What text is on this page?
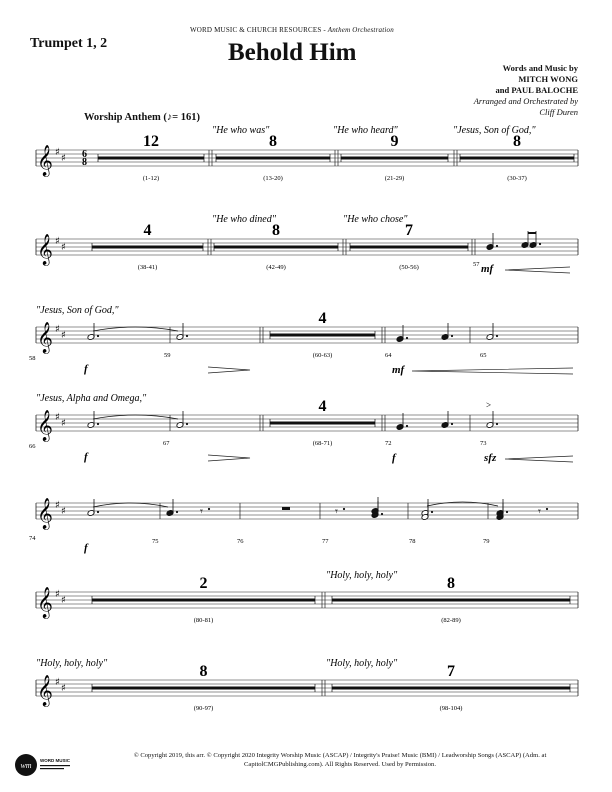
WORD MUSIC & CHURCH RESOURCES - Anthem Orchestration
Trumpet 1, 2	Behold Him
Words and Music by
MITCH WONG
and PAUL BALOCHE
Arranged and Orchestrated by
Cliff Duren
Worship Anthem (♪= 161)
𝄞 ♯
♯
𝄞 ♯
♯
𝄞 ♯
♯
𝄞 ♯
♯
𝄞 ♯
♯
𝄞 ♯
♯
𝄞 ♯
♯
6
8
12
(1-12)
8
(13-20)
9
(21-29)
8
(30-37)
"He who was"	"He who heard"	"Jesus, Son of God,"
4
(38-41)
8
(42-49)
7
(50-56)
"He who dined"	"He who chose"
57 mf
"Jesus, Son of God,"
58	59
4
(60-63)	64	65
f	mf
"Jesus, Alpha and Omega,"
66	67
4
(68-71)	72	73
>
f	f	sfz
74
𝄾
75	76	77
𝄾
78	79
𝄾
f
2
(80-81)
8
(82-89)
"Holy, holy, holy"
8
(90-97)
7
(98-104)
"Holy, holy, holy"	"Holy, holy, holy"
wm
WORD MUSIC
© Copyright 2019, this arr. © Copyright 2020 Integrity Worship Music (ASCAP) / Integrity's Praise! Music (BMI) / Leadworship Songs (ASCAP) (Adm. at CapitolCMGPublishing.com). All Rights Reserved. Used by Permission.
